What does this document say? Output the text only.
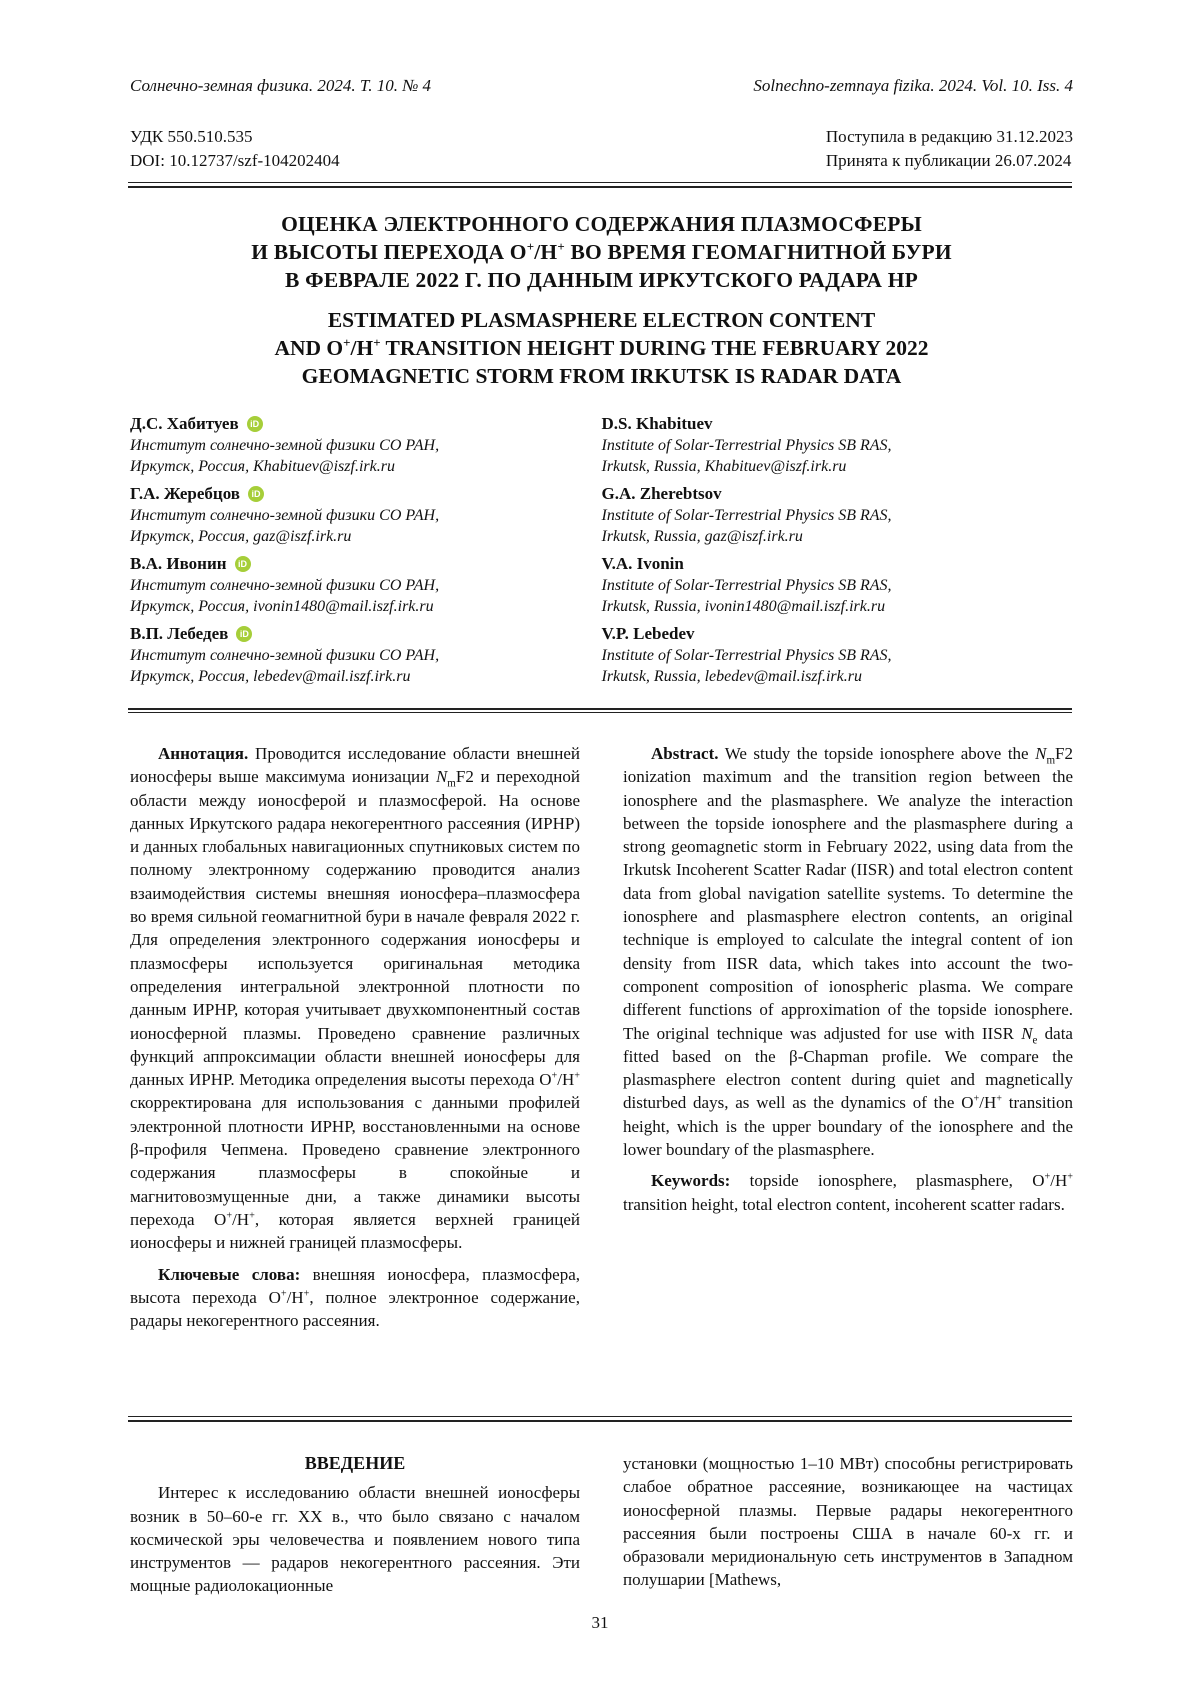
Солнечно-земная физика. 2024. Т. 10. № 4	Solnechno-zemnaya fizika. 2024. Vol. 10. Iss. 4
УДК 550.510.535
DOI: 10.12737/szf-104202404
Поступила в редакцию 31.12.2023
Принята к публикации 26.07.2024
ОЦЕНКА ЭЛЕКТРОННОГО СОДЕРЖАНИЯ ПЛАЗМОСФЕРЫ
И ВЫСОТЫ ПЕРЕХОДА O+/H+ ВО ВРЕМЯ ГЕОМАГНИТНОЙ БУРИ
В ФЕВРАЛЕ 2022 Г. ПО ДАННЫМ ИРКУТСКОГО РАДАРА НР
ESTIMATED PLASMASPHERE ELECTRON CONTENT
AND O+/H+ TRANSITION HEIGHT DURING THE FEBRUARY 2022
GEOMAGNETIC STORM FROM IRKUTSK IS RADAR DATA
Д.С. Хабитуев	iD
Институт солнечно-земной физики СО РАН,
Иркутск, Россия, Khabituev@iszf.irk.ru
Г.А. Жеребцов	iD
Институт солнечно-земной физики СО РАН,
Иркутск, Россия, gaz@iszf.irk.ru
В.А. Ивонин	iD
Институт солнечно-земной физики СО РАН,
Иркутск, Россия, ivonin1480@mail.iszf.irk.ru
В.П. Лебедев	iD
Институт солнечно-земной физики СО РАН,
Иркутск, Россия, lebedev@mail.iszf.irk.ru
D.S. Khabituev
Institute of Solar-Terrestrial Physics SB RAS,
Irkutsk, Russia, Khabituev@iszf.irk.ru
G.A. Zherebtsov
Institute of Solar-Terrestrial Physics SB RAS,
Irkutsk, Russia, gaz@iszf.irk.ru
V.A. Ivonin
Institute of Solar-Terrestrial Physics SB RAS,
Irkutsk, Russia, ivonin1480@mail.iszf.irk.ru
V.P. Lebedev
Institute of Solar-Terrestrial Physics SB RAS,
Irkutsk, Russia, lebedev@mail.iszf.irk.ru

Аннотация. Проводится исследование области внешней ионосферы выше максимума ионизации $N_mF2$ и переходной области между ионосферой и плазмосферой. На основе данных Иркутского радара некогерентного рассеяния (ИРНР) и данных глобальных навигационных спутниковых систем по полному электронному содержанию проводится анализ взаимодействия системы внешняя ионосфера–плазмосфера во время сильной геомагнитной бури в начале февраля 2022 г. Для определения электронного содержания ионосферы и плазмосферы используется оригинальная методика определения интегральной электронной плотности по данным ИРНР, которая учитывает двухкомпонентный состав ионосферной плазмы. Проведено сравнение различных функций аппроксимации области внешней ионосферы для данных ИРНР. Методика определения высоты перехода O+/H+ скорректирована для использования с данными профилей электронной плотности ИРНР, восстановленными на основе β-профиля Чепмена. Проведено сравнение электронного содержания плазмосферы в спокойные и магнитовозмущенные дни, а также динамики высоты перехода O+/H+, которая является верхней границей ионосферы и нижней границей плазмосферы.

Ключевые слова: внешняя ионосфера, плазмосфера, высота перехода O+/H+, полное электронное содержание, радары некогерентного рассеяния.

Abstract. We study the topside ionosphere above the $N_mF2$ ionization maximum and the transition region between the ionosphere and the plasmasphere. We analyze the interaction between the topside ionosphere and the plasmasphere during a strong geomagnetic storm in February 2022, using data from the Irkutsk Incoherent Scatter Radar (IISR) and total electron content data from global navigation satellite systems. To determine the ionosphere and plasmasphere electron contents, an original technique is employed to calculate the integral content of ion density from IISR data, which takes into account the two-component composition of ionospheric plasma. We compare different functions of approximation of the topside ionosphere. The original technique was adjusted for use with IISR $N_e$ data fitted based on the β-Chapman profile. We compare the plasmasphere electron content during quiet and magnetically disturbed days, as well as the dynamics of the O+/H+ transition height, which is the upper boundary of the ionosphere and the lower boundary of the plasmasphere.

Keywords: topside ionosphere, plasmasphere, O+/H+ transition height, total electron content, incoherent scatter radars.

ВВЕДЕНИЕ

Интерес к исследованию области внешней ионосферы возник в 50–60-е гг. XX в., что было связано с началом космической эры человечества и появлением нового типа инструментов — радаров некогерентного рассеяния. Эти мощные радиолокационные

установки (мощностью 1–10 МВт) способны регистрировать слабое обратное рассеяние, возникающее на частицах ионосферной плазмы. Первые радары некогерентного рассеяния были построены США в начале 60-х гг. и образовали меридиональную сеть инструментов в Западном полушарии [Mathews,

31
